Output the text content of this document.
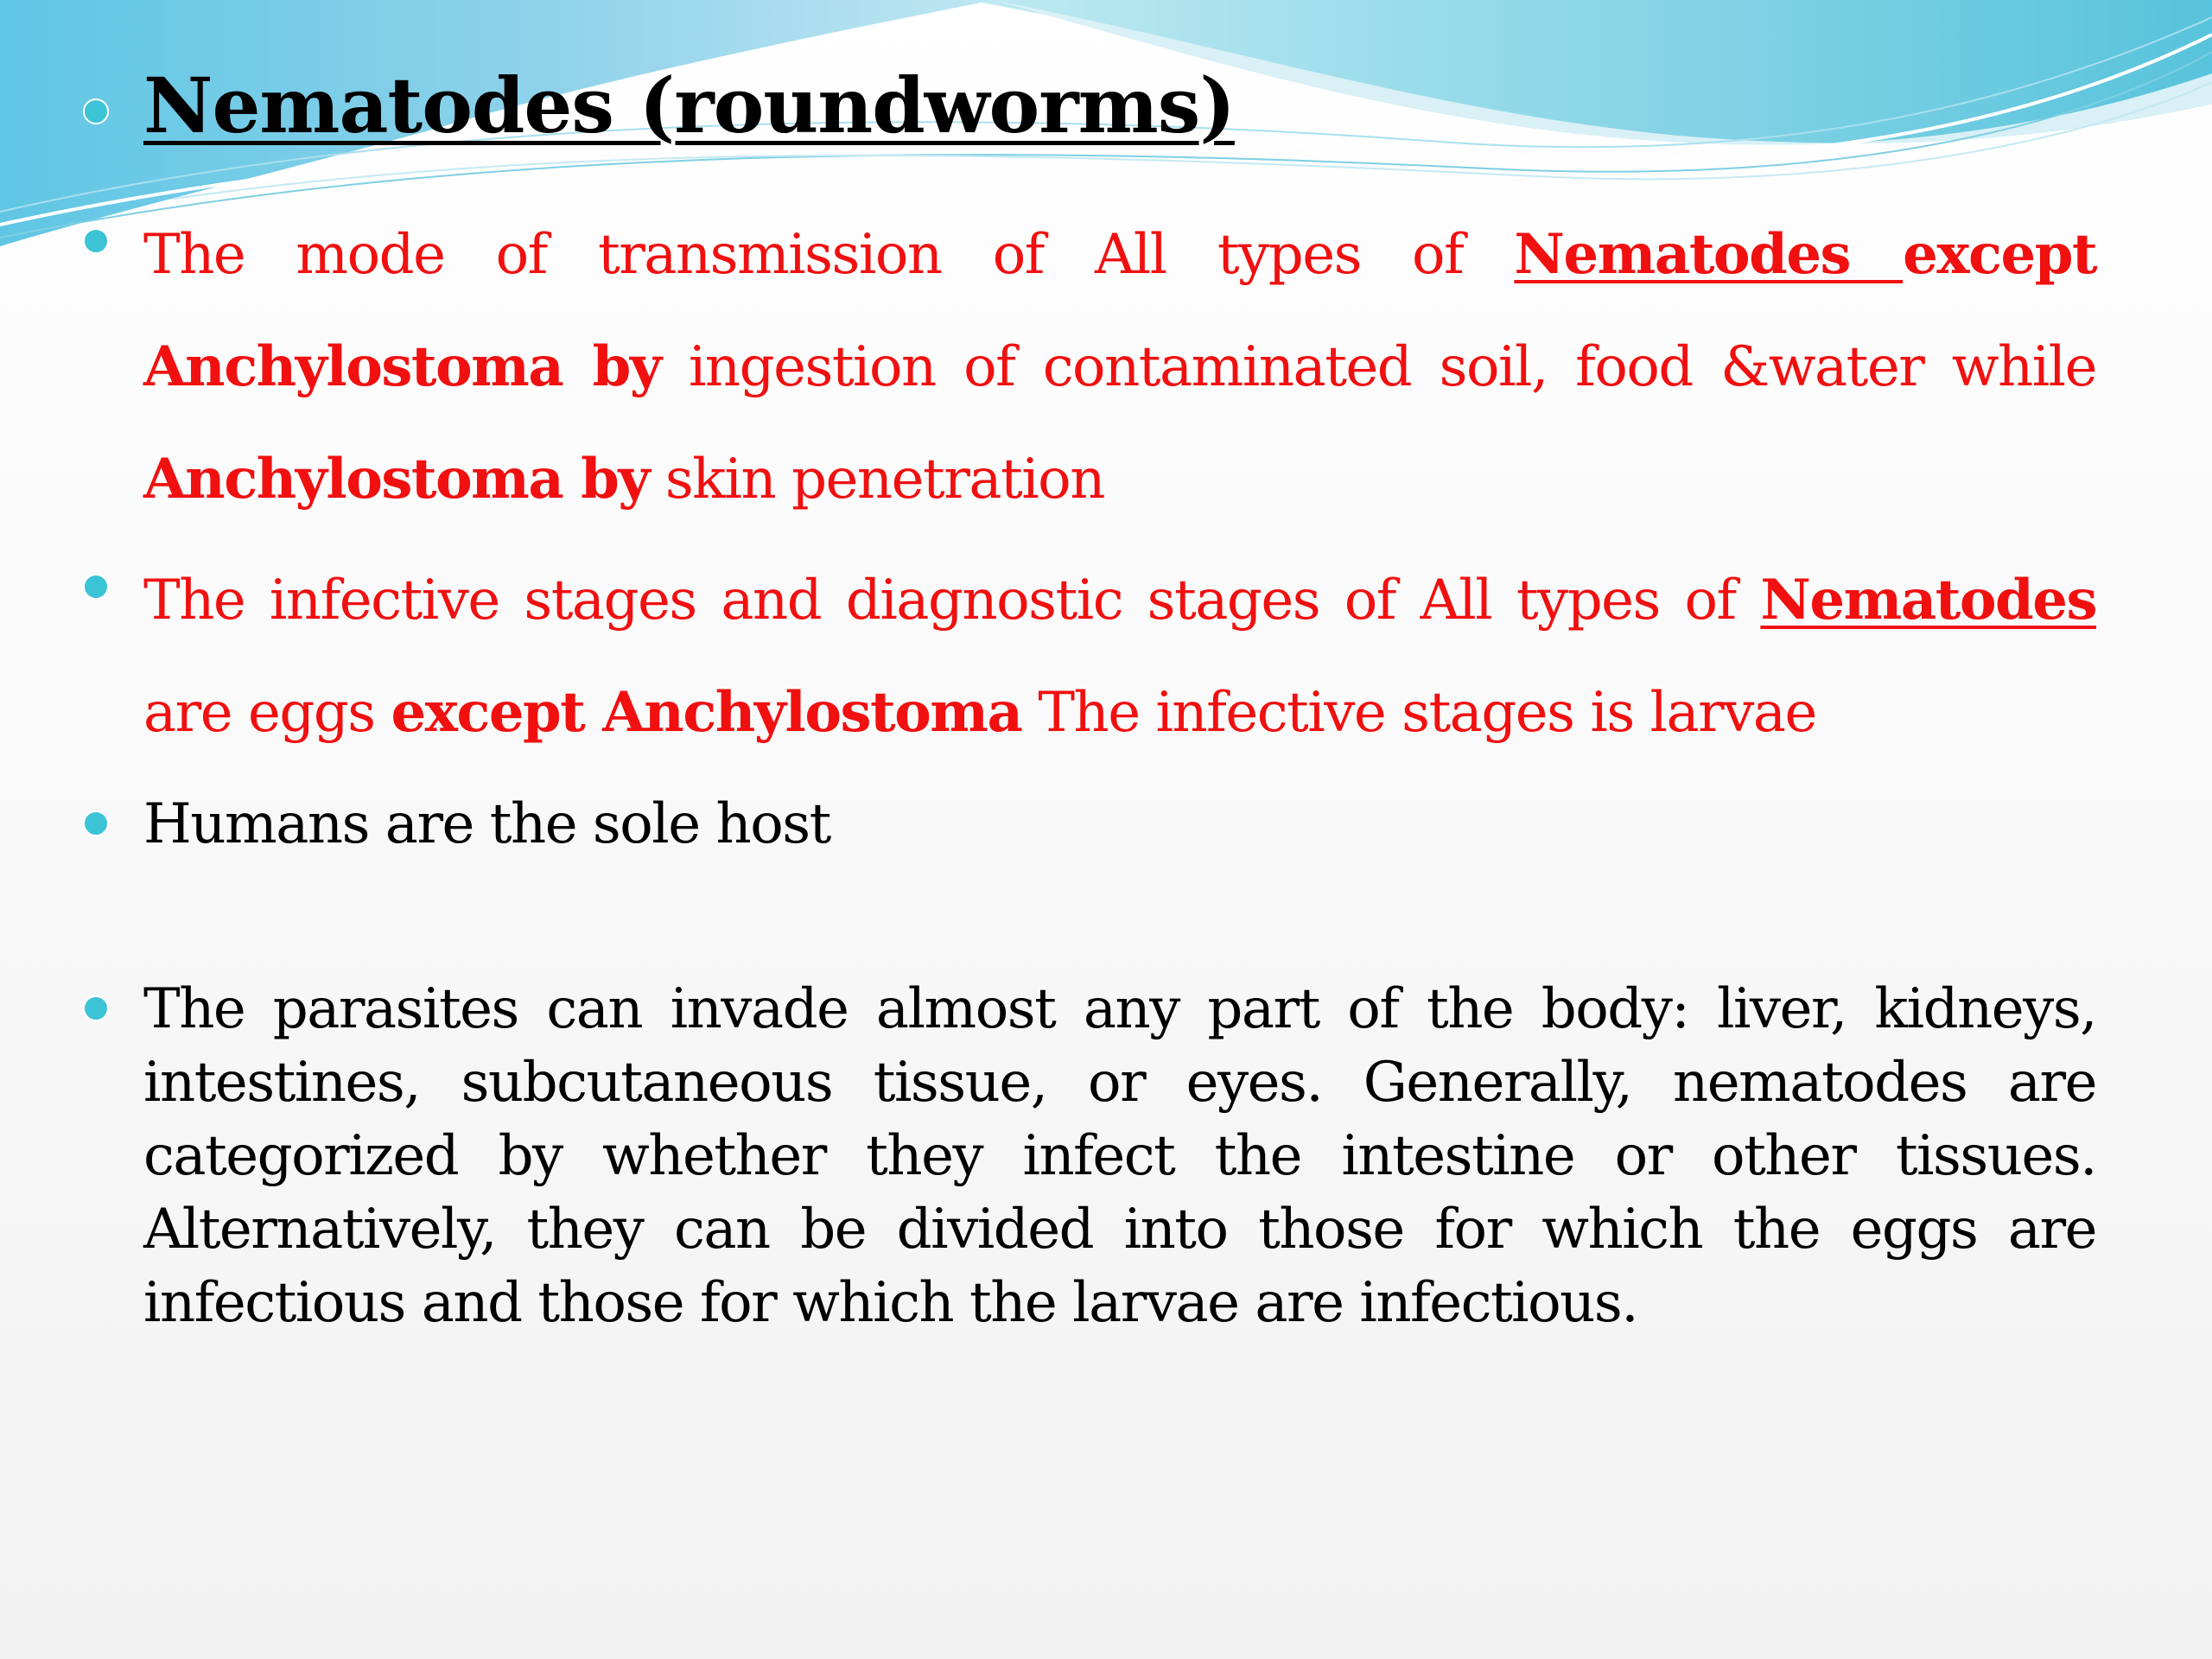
Nematodes (roundworms)

The mode of transmission of All types of Nematodes except Anchylostoma by ingestion of contaminated soil, food &water while Anchylostoma by skin penetration

The infective stages and diagnostic stages of All types of Nematodes are eggs except Anchylostoma The infective stages is larvae

Humans are the sole host

The parasites can invade almost any part of the body: liver, kidneys, intestines, subcutaneous tissue, or eyes. Generally, nematodes are categorized by whether they infect the intestine or other tissues. Alternatively, they can be divided into those for which the eggs are infectious and those for which the larvae are infectious.
